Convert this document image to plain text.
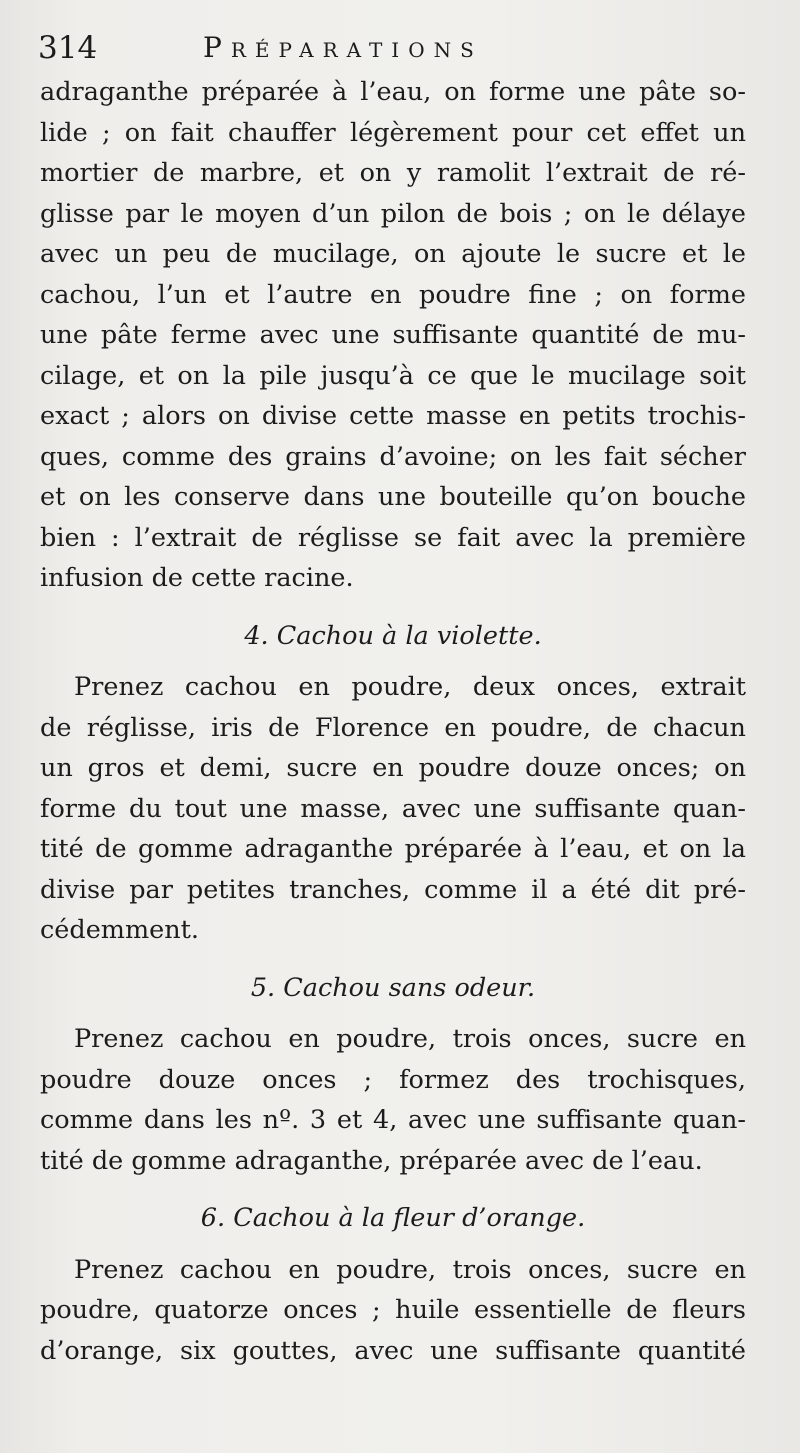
314	Préparations
adraganthe préparée à l’eau, on forme une pâte so-
lide ; on fait chauffer légèrement pour cet effet un
mortier de marbre, et on y ramolit l’extrait de ré-
glisse par le moyen d’un pilon de bois ; on le délaye
avec un peu de mucilage, on ajoute le sucre et le
cachou, l’un et l’autre en poudre fine ; on forme
une pâte ferme avec une suffisante quantité de mu-
cilage, et on la pile jusqu’à ce que le mucilage soit
exact ; alors on divise cette masse en petits trochis-
ques, comme des grains d’avoine; on les fait sécher
et on les conserve dans une bouteille qu’on bouche
bien : l’extrait de réglisse se fait avec la première
infusion de cette racine.
4. Cachou à la violette.
Prenez cachou en poudre, deux onces, extrait
de réglisse, iris de Florence en poudre, de chacun
un gros et demi, sucre en poudre douze onces; on
forme du tout une masse, avec une suffisante quan-
tité de gomme adraganthe préparée à l’eau, et on la
divise par petites tranches, comme il a été dit pré-
cédemment.
5. Cachou sans odeur.
Prenez cachou en poudre, trois onces, sucre en
poudre douze onces ; formez des trochisques,
comme dans les nº. 3 et 4, avec une suffisante quan-
tité de gomme adraganthe, préparée avec de l’eau.
6. Cachou à la fleur d’orange.
Prenez cachou en poudre, trois onces, sucre en
poudre, quatorze onces ; huile essentielle de fleurs
d’orange, six gouttes, avec une suffisante quantité
